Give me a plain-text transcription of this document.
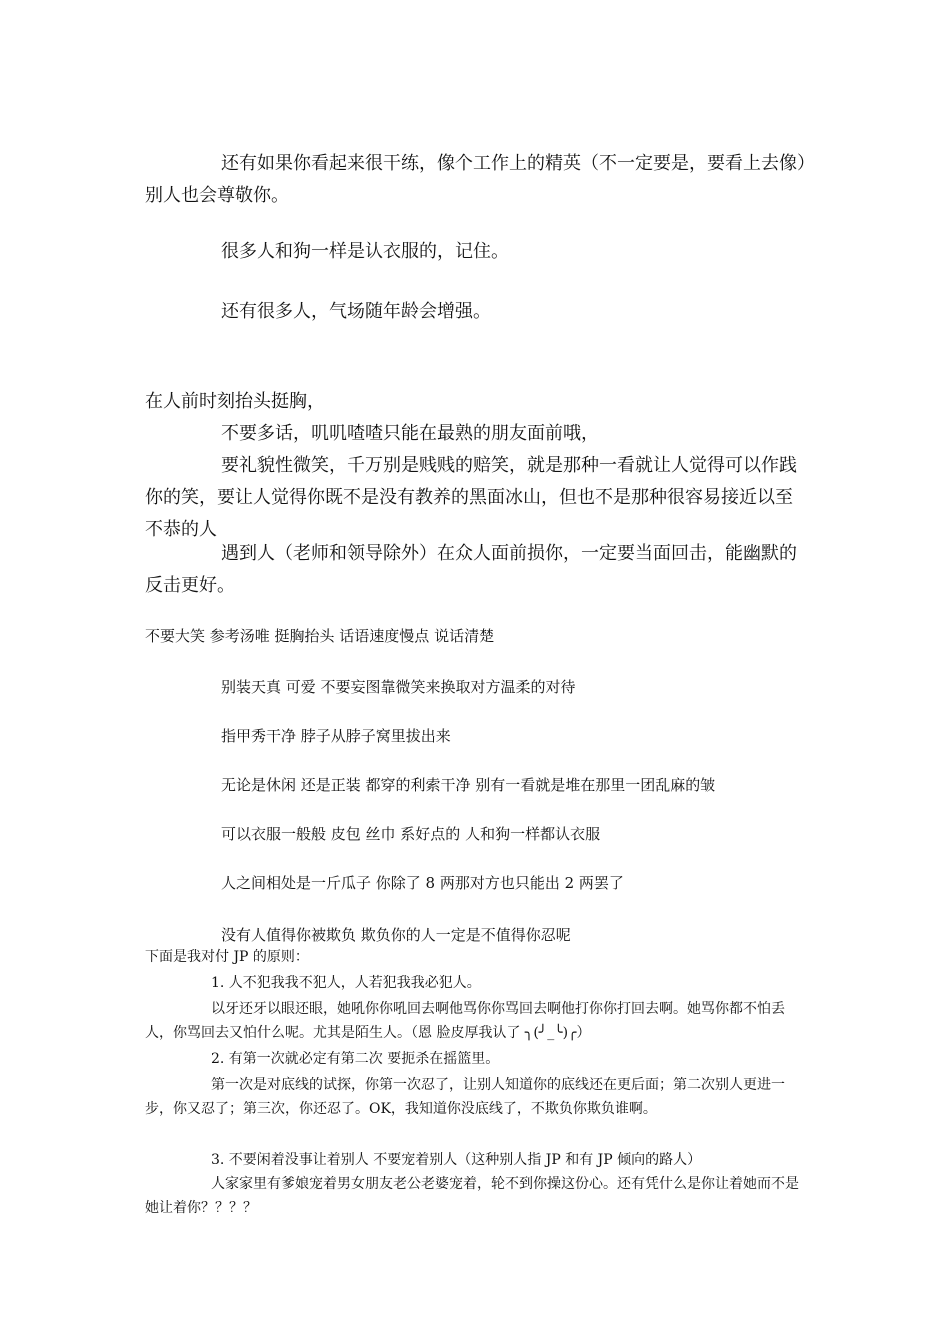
还有如果你看起来很干练，像个工作上的精英（不一定要是，要看上去像）别人也会尊敬你。

很多人和狗一样是认衣服的，记住。

还有很多人，气场随年龄会增强。

在人前时刻抬头挺胸，

不要多话，叽叽喳喳只能在最熟的朋友面前哦，

要礼貌性微笑，千万别是贱贱的赔笑，就是那种一看就让人觉得可以作践你的笑，要让人觉得你既不是没有教养的黑面冰山，但也不是那种很容易接近以至不恭的人

遇到人（老师和领导除外）在众人面前损你，一定要当面回击，能幽默的反击更好。

不要大笑 参考汤唯 挺胸抬头 话语速度慢点 说话清楚

别装天真 可爱 不要妄图靠微笑来换取对方温柔的对待

指甲秀干净 脖子从脖子窝里拔出来

无论是休闲 还是正装 都穿的利索干净 别有一看就是堆在那里一团乱麻的皱

可以衣服一般般 皮包 丝巾 系好点的 人和狗一样都认衣服

人之间相处是一斤瓜子 你除了 8 两那对方也只能出 2 两罢了

没有人值得你被欺负 欺负你的人一定是不值得你忍呢

下面是我对付 JP 的原则：

1. 人不犯我我不犯人，人若犯我我必犯人。

以牙还牙以眼还眼，她吼你你吼回去啊他骂你你骂回去啊他打你你打回去啊。她骂你都不怕丢人，你骂回去又怕什么呢。尤其是陌生人。（恩 脸皮厚我认了 ╮(╯_╰)╭）

2. 有第一次就必定有第二次 要扼杀在摇篮里。

第一次是对底线的试探，你第一次忍了，让别人知道你的底线还在更后面；第二次别人更进一步，你又忍了；第三次，你还忍了。OK，我知道你没底线了，不欺负你欺负谁啊。

3. 不要闲着没事让着别人 不要宠着别人（这种别人指 JP 和有 JP 倾向的路人）

人家家里有爹娘宠着男女朋友老公老婆宠着，轮不到你操这份心。还有凭什么是你让着她而不是她让着你？？？？
